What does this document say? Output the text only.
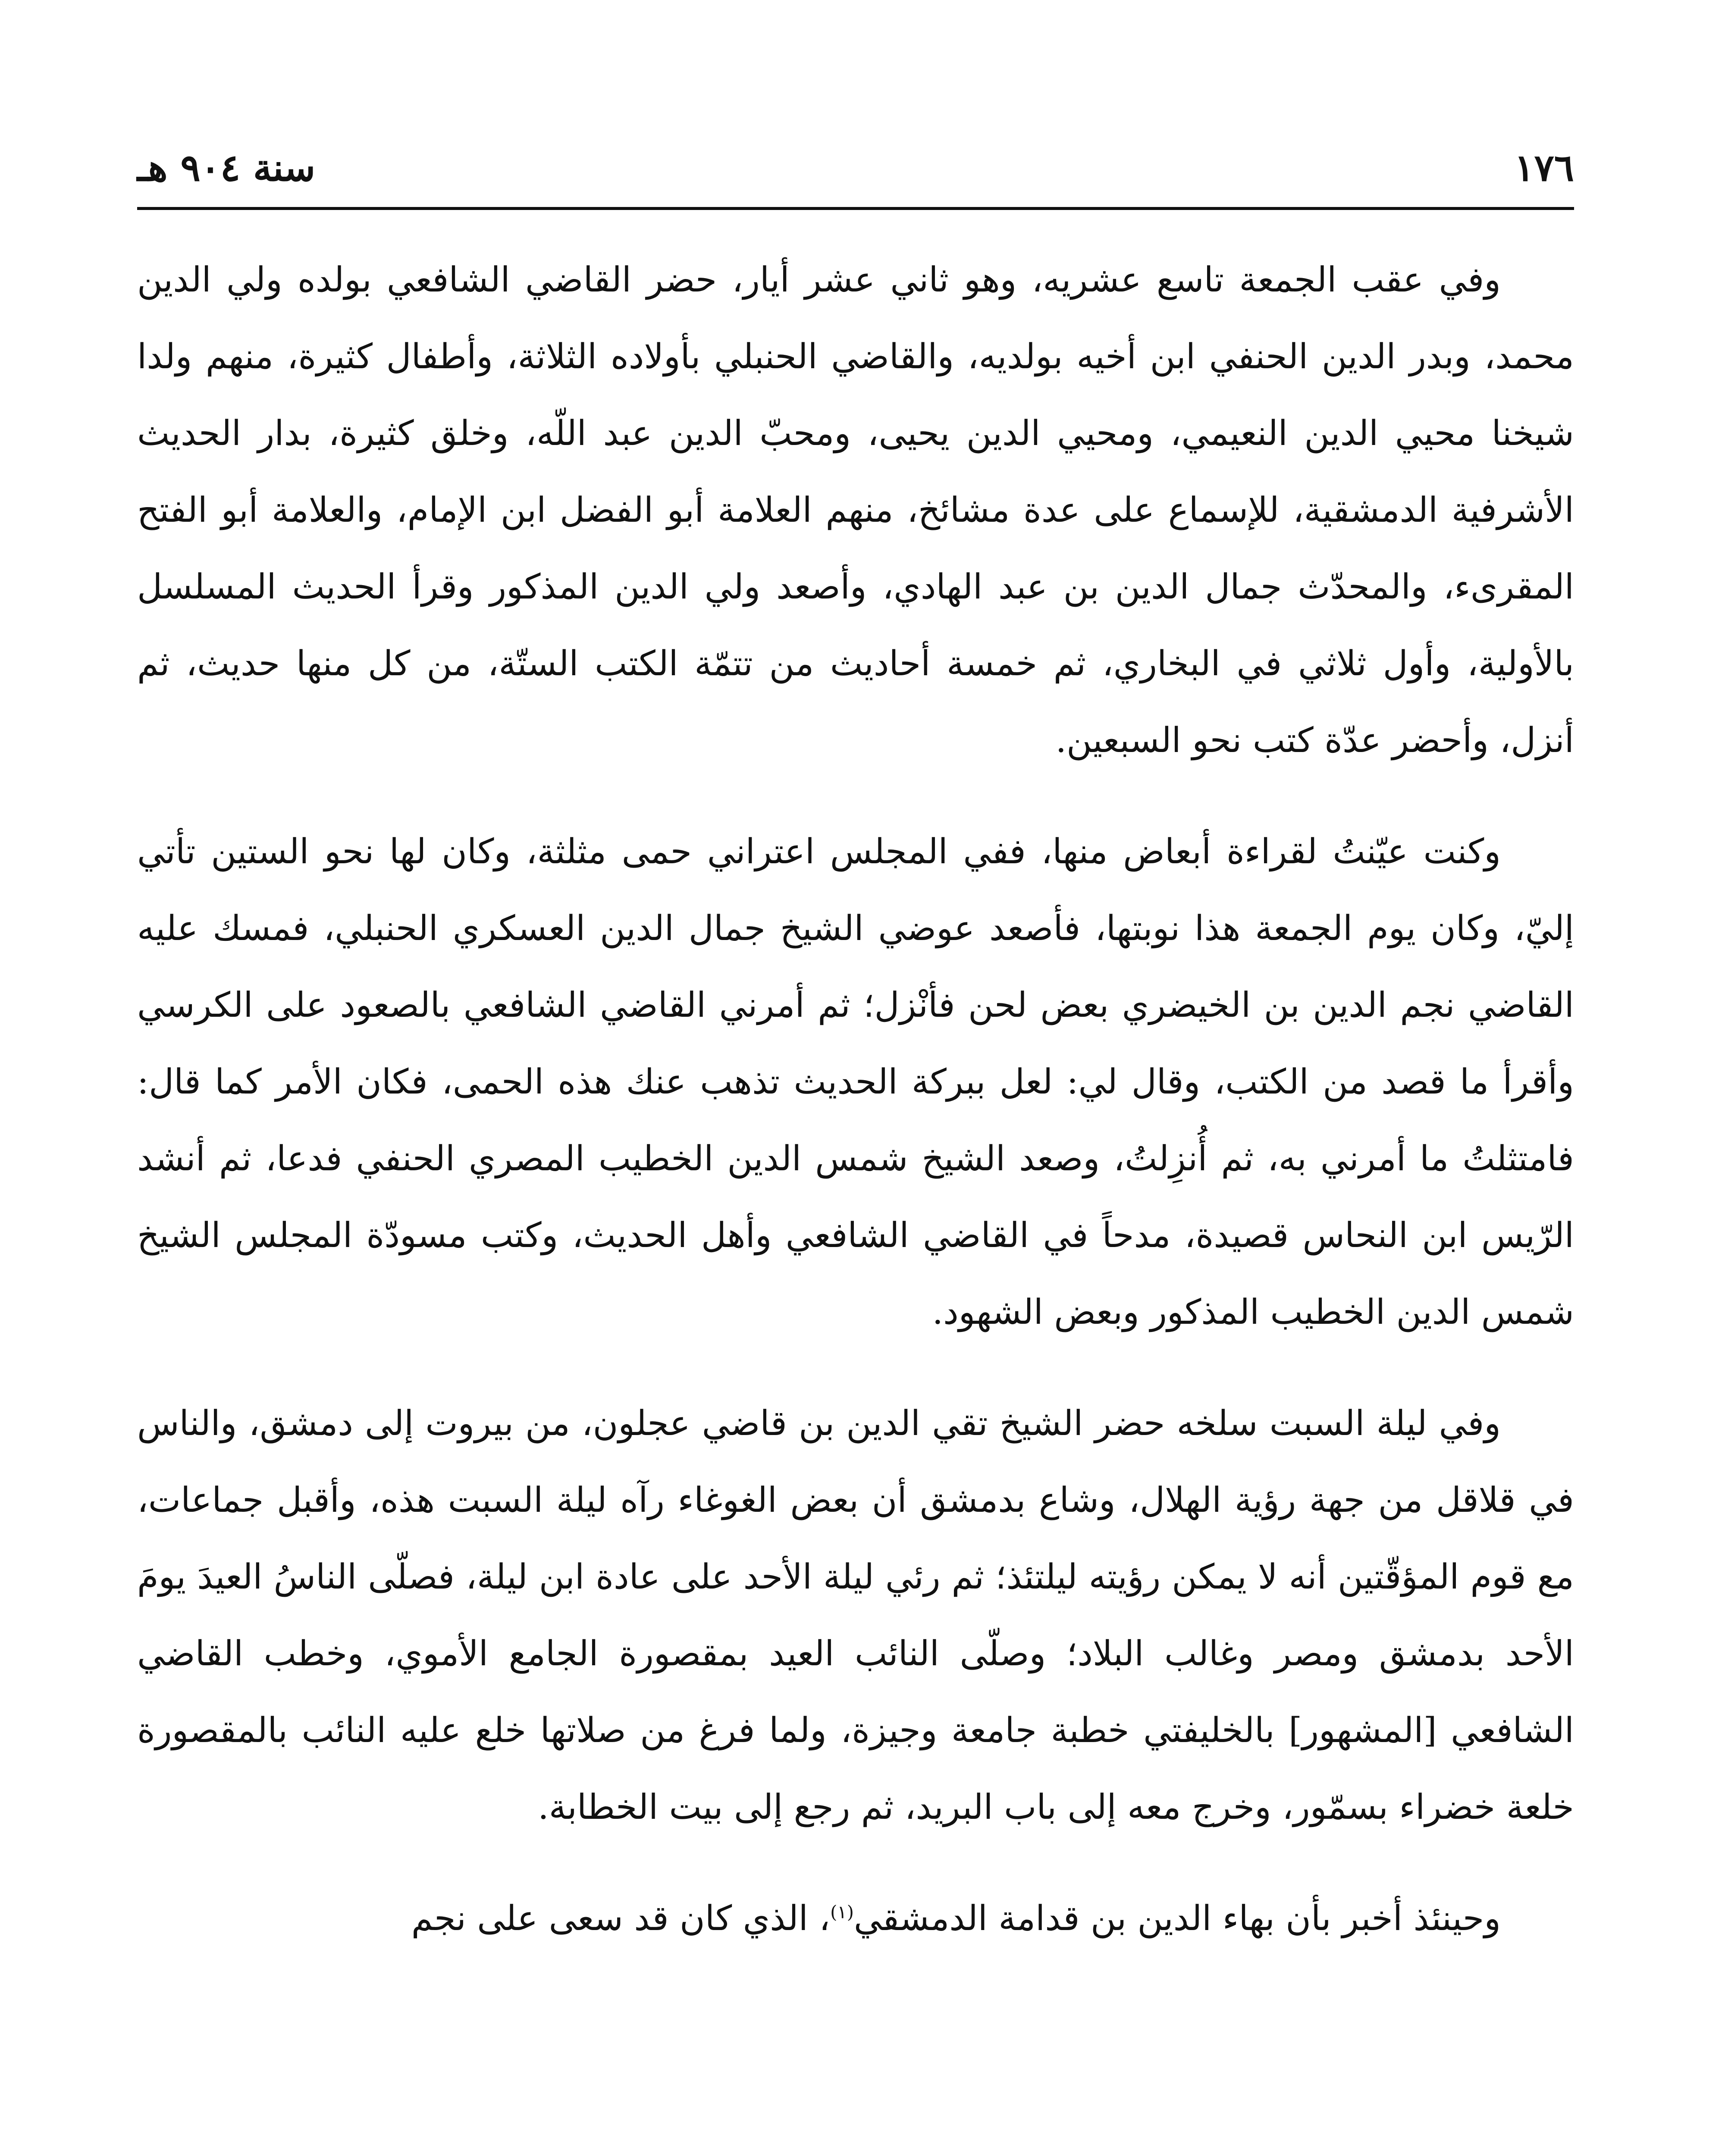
١٧٦
سنة ٩٠٤ هـ

وفي عقب الجمعة تاسع عشريه، وهو ثاني عشر أيار، حضر القاضي الشافعي بولده ولي الدين محمد، وبدر الدين الحنفي ابن أخيه بولديه، والقاضي الحنبلي بأولاده الثلاثة، وأطفال كثيرة، منهم ولدا شيخنا محيي الدين النعيمي، ومحيي الدين يحيى، ومحبّ الدين عبد اللّه، وخلق كثيرة، بدار الحديث الأشرفية الدمشقية، للإسماع على عدة مشائخ، منهم العلامة أبو الفضل ابن الإمام، والعلامة أبو الفتح المقرىء، والمحدّث جمال الدين بن عبد الهادي، وأصعد ولي الدين المذكور وقرأ الحديث المسلسل بالأولية، وأول ثلاثي في البخاري، ثم خمسة أحاديث من تتمّة الكتب الستّة، من كل منها حديث، ثم أنزل، وأحضر عدّة كتب نحو السبعين.

وكنت عيّنتُ لقراءة أبعاض منها، ففي المجلس اعتراني حمى مثلثة، وكان لها نحو الستين تأتي إليّ، وكان يوم الجمعة هذا نوبتها، فأصعد عوضي الشيخ جمال الدين العسكري الحنبلي، فمسك عليه القاضي نجم الدين بن الخيضري بعض لحن فأنْزل؛ ثم أمرني القاضي الشافعي بالصعود على الكرسي وأقرأ ما قصد من الكتب، وقال لي: لعل ببركة الحديث تذهب عنك هذه الحمى، فكان الأمر كما قال: فامتثلتُ ما أمرني به، ثم أُنزِلتُ، وصعد الشيخ شمس الدين الخطيب المصري الحنفي فدعا، ثم أنشد الرّيس ابن النحاس قصيدة، مدحاً في القاضي الشافعي وأهل الحديث، وكتب مسودّة المجلس الشيخ شمس الدين الخطيب المذكور وبعض الشهود.

وفي ليلة السبت سلخه حضر الشيخ تقي الدين بن قاضي عجلون، من بيروت إلى دمشق، والناس في قلاقل من جهة رؤية الهلال، وشاع بدمشق أن بعض الغوغاء رآه ليلة السبت هذه، وأقبل جماعات، مع قوم المؤقّتين أنه لا يمكن رؤيته ليلتئذ؛ ثم رئي ليلة الأحد على عادة ابن ليلة، فصلّى الناسُ العيدَ يومَ الأحد بدمشق ومصر وغالب البلاد؛ وصلّى النائب العيد بمقصورة الجامع الأموي، وخطب القاضي الشافعي [المشهور] بالخليفتي خطبة جامعة وجيزة، ولما فرغ من صلاتها خلع عليه النائب بالمقصورة خلعة خضراء بسمّور، وخرج معه إلى باب البريد، ثم رجع إلى بيت الخطابة.

وحينئذ أخبر بأن بهاء الدين بن قدامة الدمشقي$^{(١)}$، الذي كان قد سعى على نجم
